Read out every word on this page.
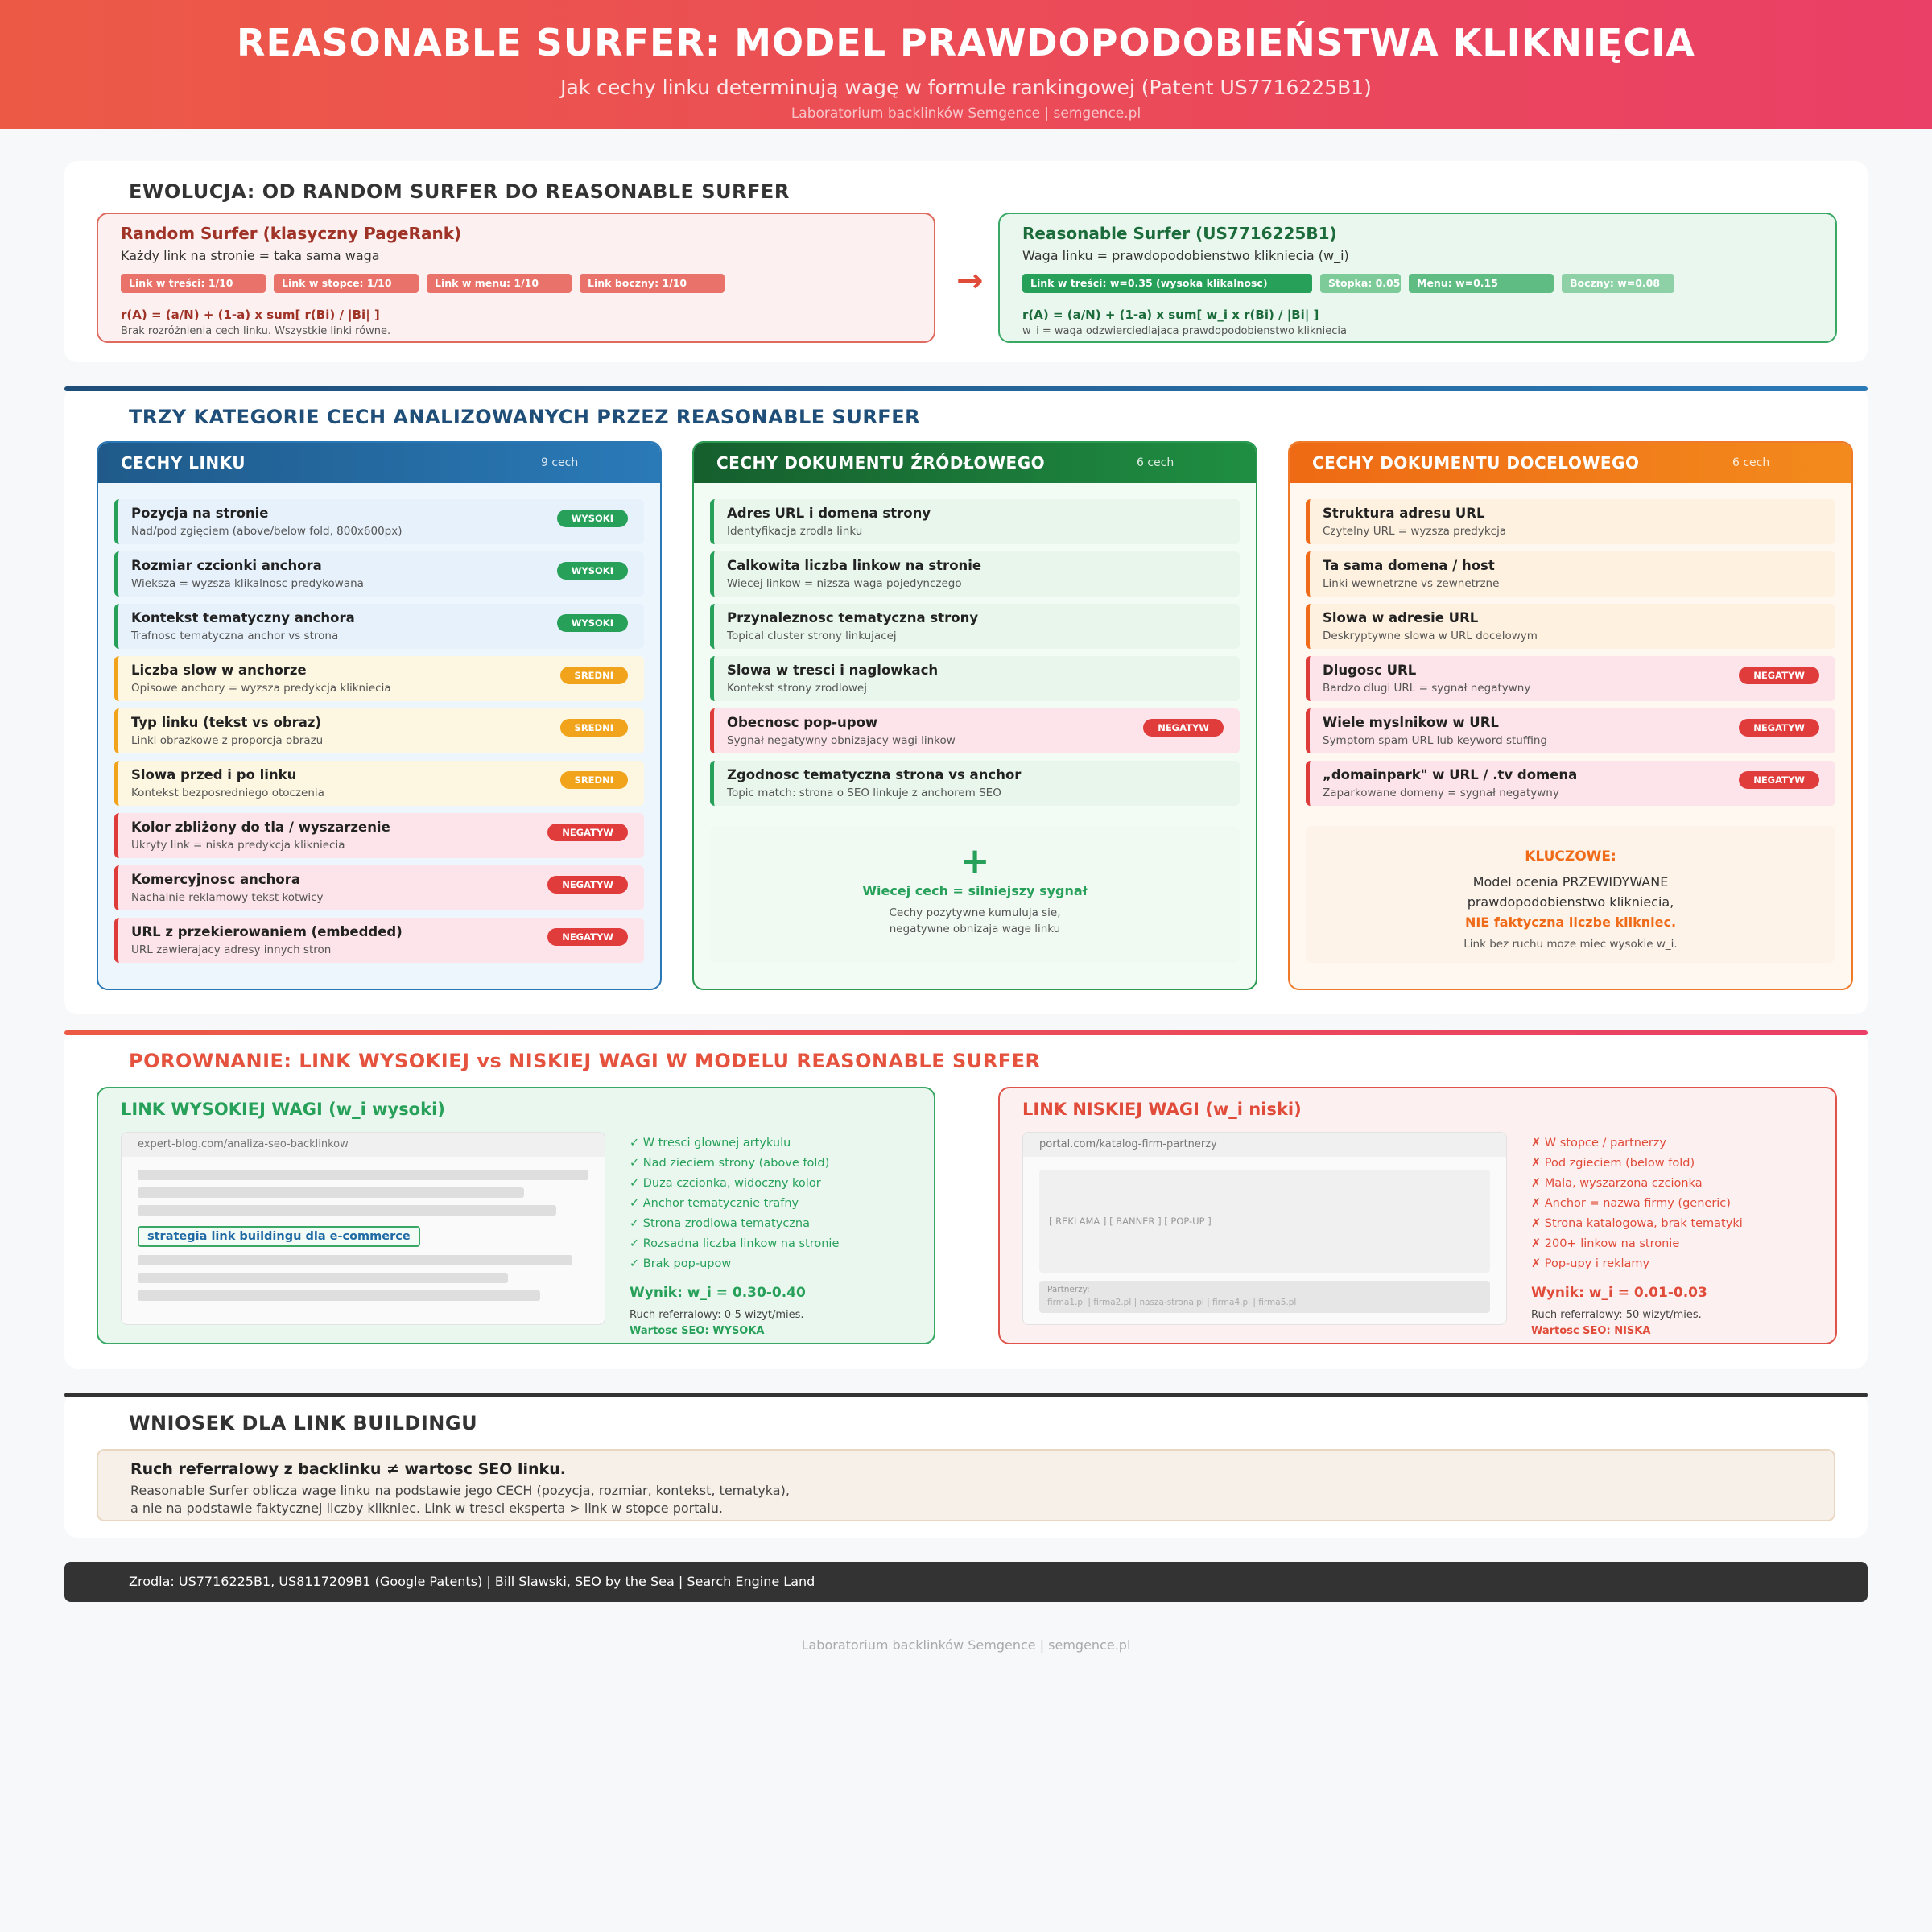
REASONABLE SURFER: MODEL PRAWDOPODOBIEŃSTWA KLIKNIĘCIA
Jak cechy linku determinują wagę w formule rankingowej (Patent US7716225B1)
Laboratorium backlinków Semgence | semgence.pl
EWOLUCJA: OD RANDOM SURFER DO REASONABLE SURFER
Random Surfer (klasyczny PageRank)
Każdy link na stronie = taka sama waga
Link w treści: 1/10	Link w stopce: 1/10	Link w menu: 1/10	Link boczny: 1/10
r(A) = (a/N) + (1-a) x sum[ r(Bi) / |Bi| ]
Brak rozróżnienia cech linku. Wszystkie linki równe.
→
Reasonable Surfer (US7716225B1)
Waga linku = prawdopodobienstwo klikniecia (w_i)
Link w treści: w=0.35 (wysoka klikalnosc)	Stopka: 0.05	Menu: w=0.15	Boczny: w=0.08
r(A) = (a/N) + (1-a) x sum[ w_i x r(Bi) / |Bi| ]
w_i = waga odzwierciedlajaca prawdopodobienstwo klikniecia
TRZY KATEGORIE CECH ANALIZOWANYCH PRZEZ REASONABLE SURFER
CECHY LINKU	9 cech
Pozycja na stronie
Nad/pod zgięciem (above/below fold, 800x600px)
WYSOKI
Rozmiar czcionki anchora
Wieksza = wyzsza klikalnosc predykowana
WYSOKI
Kontekst tematyczny anchora
Trafnosc tematyczna anchor vs strona
WYSOKI
Liczba slow w anchorze
Opisowe anchory = wyzsza predykcja klikniecia
SREDNI
Typ linku (tekst vs obraz)
Linki obrazkowe z proporcja obrazu
SREDNI
Slowa przed i po linku
Kontekst bezposredniego otoczenia
SREDNI
Kolor zbliżony do tla / wyszarzenie
Ukryty link = niska predykcja klikniecia
NEGATYW
Komercyjnosc anchora
Nachalnie reklamowy tekst kotwicy
NEGATYW
URL z przekierowaniem (embedded)
URL zawierajacy adresy innych stron
NEGATYW
CECHY DOKUMENTU ŹRÓDŁOWEGO	6 cech
Adres URL i domena strony
Identyfikacja zrodla linku
Calkowita liczba linkow na stronie
Wiecej linkow = nizsza waga pojedynczego
Przynaleznosc tematyczna strony
Topical cluster strony linkujacej
Slowa w tresci i naglowkach
Kontekst strony zrodlowej
Obecnosc pop-upow
Sygnał negatywny obnizajacy wagi linkow
NEGATYW
Zgodnosc tematyczna strona vs anchor
Topic match: strona o SEO linkuje z anchorem SEO
+
Wiecej cech = silniejszy sygnał
Cechy pozytywne kumuluja sie,
negatywne obnizaja wage linku
CECHY DOKUMENTU DOCELOWEGO	6 cech
Struktura adresu URL
Czytelny URL = wyzsza predykcja
Ta sama domena / host
Linki wewnetrzne vs zewnetrzne
Slowa w adresie URL
Deskryptywne slowa w URL docelowym
Dlugosc URL
Bardzo dlugi URL = sygnał negatywny
NEGATYW
Wiele myslnikow w URL
Symptom spam URL lub keyword stuffing
NEGATYW
„domainpark" w URL / .tv domena
Zaparkowane domeny = sygnał negatywny
NEGATYW
KLUCZOWE:
Model ocenia PRZEWIDYWANE
prawdopodobienstwo klikniecia,
NIE faktyczna liczbe klikniec.
Link bez ruchu moze miec wysokie w_i.
POROWNANIE: LINK WYSOKIEJ vs NISKIEJ WAGI W MODELU REASONABLE SURFER
LINK WYSOKIEJ WAGI (w_i wysoki)
expert-blog.com/analiza-seo-backlinkow
strategia link buildingu dla e-commerce
✓ W tresci glownej artykulu
✓ Nad zieciem strony (above fold)
✓ Duza czcionka, widoczny kolor
✓ Anchor tematycznie trafny
✓ Strona zrodlowa tematyczna
✓ Rozsadna liczba linkow na stronie
✓ Brak pop-upow
Wynik: w_i = 0.30-0.40
Ruch referralowy: 0-5 wizyt/mies.
Wartosc SEO: WYSOKA
LINK NISKIEJ WAGI (w_i niski)
portal.com/katalog-firm-partnerzy
[ REKLAMA ] [ BANNER ] [ POP-UP ]
Partnerzy:
firma1.pl | firma2.pl | nasza-strona.pl | firma4.pl | firma5.pl
✗ W stopce / partnerzy
✗ Pod zgieciem (below fold)
✗ Mala, wyszarzona czcionka
✗ Anchor = nazwa firmy (generic)
✗ Strona katalogowa, brak tematyki
✗ 200+ linkow na stronie
✗ Pop-upy i reklamy
Wynik: w_i = 0.01-0.03
Ruch referralowy: 50 wizyt/mies.
Wartosc SEO: NISKA
WNIOSEK DLA LINK BUILDINGU
Ruch referralowy z backlinku ≠ wartosc SEO linku.
Reasonable Surfer oblicza wage linku na podstawie jego CECH (pozycja, rozmiar, kontekst, tematyka),
a nie na podstawie faktycznej liczby klikniec. Link w tresci eksperta > link w stopce portalu.
Zrodla: US7716225B1, US8117209B1 (Google Patents) | Bill Slawski, SEO by the Sea | Search Engine Land
Laboratorium backlinków Semgence | semgence.pl
